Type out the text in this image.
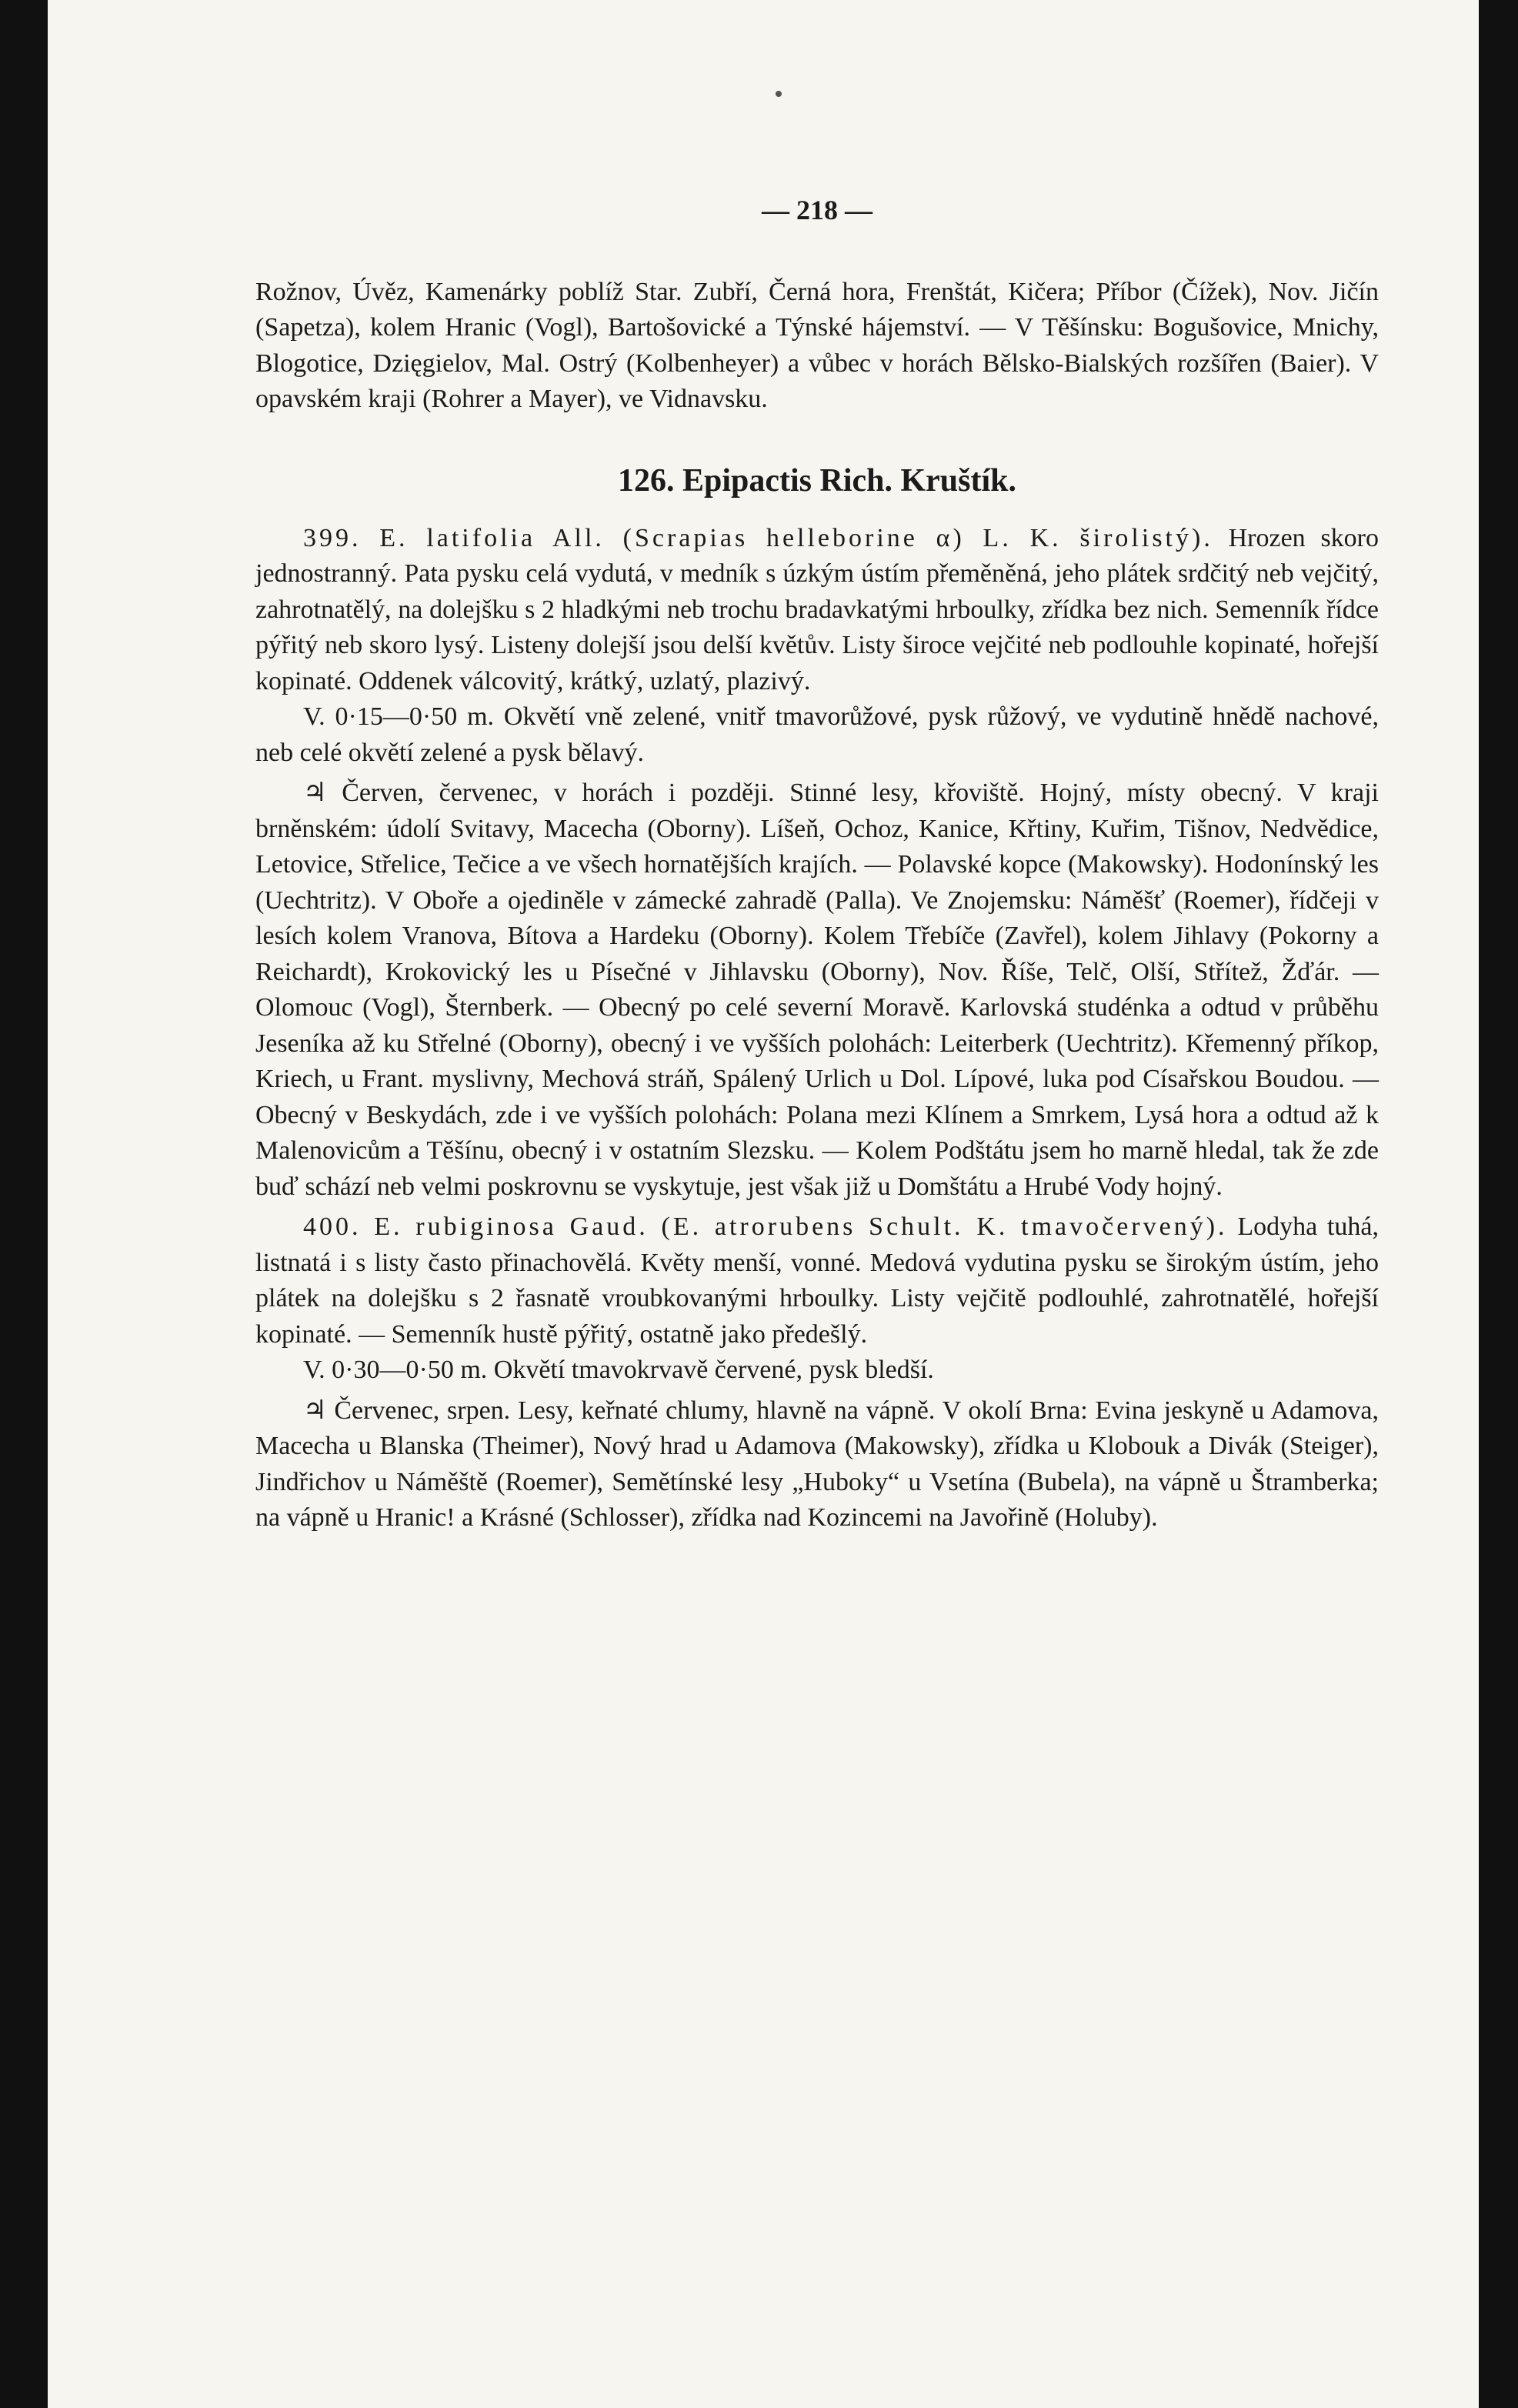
— 218 —

Rožnov, Úvěz, Kamenárky poblíž Star. Zubří, Černá hora, Frenštát, Kičera; Příbor (Čížek), Nov. Jičín (Sapetza), kolem Hranic (Vogl), Bartošovické a Týnské hájemství. — V Těšínsku: Bogušovice, Mnichy, Blogotice, Dzięgielov, Mal. Ostrý (Kolbenheyer) a vůbec v horách Bělsko-Bialských rozšířen (Baier). V opavském kraji (Rohrer a Mayer), ve Vidnavsku.

126. Epipactis Rich. Kruštík.

399. E. latifolia All. (Scrapias helleborine α) L. K. širolistý). Hrozen skoro jednostranný. Pata pysku celá vydutá, v medník s úzkým ústím přeměněná, jeho plátek srdčitý neb vejčitý, zahrotnatělý, na dolejšku s 2 hladkými neb trochu bradavkatými hrboulky, zřídka bez nich. Semenník řídce pýřitý neb skoro lysý. Listeny dolejší jsou delší květův. Listy široce vejčité neb podlouhle kopinaté, hořejší kopinaté. Oddenek válcovitý, krátký, uzlatý, plazivý.

V. 0·15—0·50 m. Okvětí vně zelené, vnitř tmavorůžové, pysk růžový, ve vydutině hnědě nachové, neb celé okvětí zelené a pysk bělavý.

♃ Červen, červenec, v horách i později. Stinné lesy, křoviště. Hojný, místy obecný. V kraji brněnském: údolí Svitavy, Macecha (Oborny). Líšeň, Ochoz, Kanice, Křtiny, Kuřim, Tišnov, Nedvědice, Letovice, Střelice, Tečice a ve všech hornatějších krajích. — Polavské kopce (Makowsky). Hodonínský les (Uechtritz). V Oboře a ojediněle v zámecké zahradě (Palla). Ve Znojemsku: Náměšť (Roemer), řídčeji v lesích kolem Vranova, Bítova a Hardeku (Oborny). Kolem Třebíče (Zavřel), kolem Jihlavy (Pokorny a Reichardt), Krokovický les u Písečné v Jihlavsku (Oborny), Nov. Říše, Telč, Olší, Střítež, Žďár. — Olomouc (Vogl), Šternberk. — Obecný po celé severní Moravě. Karlovská studénka a odtud v průběhu Jeseníka až ku Střelné (Oborny), obecný i ve vyšších polohách: Leiterberk (Uechtritz). Křemenný příkop, Kriech, u Frant. myslivny, Mechová stráň, Spálený Urlich u Dol. Lípové, luka pod Císařskou Boudou. — Obecný v Beskydách, zde i ve vyšších polohách: Polana mezi Klínem a Smrkem, Lysá hora a odtud až k Malenovicům a Těšínu, obecný i v ostatním Slezsku. — Kolem Podštátu jsem ho marně hledal, tak že zde buď schází neb velmi poskrovnu se vyskytuje, jest však již u Domštátu a Hrubé Vody hojný.

400. E. rubiginosa Gaud. (E. atrorubens Schult. K. tmavočervený). Lodyha tuhá, listnatá i s listy často přinachovělá. Květy menší, vonné. Medová vydutina pysku se širokým ústím, jeho plátek na dolejšku s 2 řasnatě vroubkovanými hrboulky. Listy vejčitě podlouhlé, zahrotnatělé, hořejší kopinaté. — Semenník hustě pýřitý, ostatně jako předešlý.

V. 0·30—0·50 m. Okvětí tmavokrvavě červené, pysk bledší.

♃ Červenec, srpen. Lesy, keřnaté chlumy, hlavně na vápně. V okolí Brna: Evina jeskyně u Adamova, Macecha u Blanska (Theimer), Nový hrad u Adamova (Makowsky), zřídka u Klobouk a Divák (Steiger), Jindřichov u Náměště (Roemer), Semětínské lesy „Huboky“ u Vsetína (Bubela), na vápně u Štramberka; na vápně u Hranic! a Krásné (Schlosser), zřídka nad Kozincemi na Javořině (Holuby).
